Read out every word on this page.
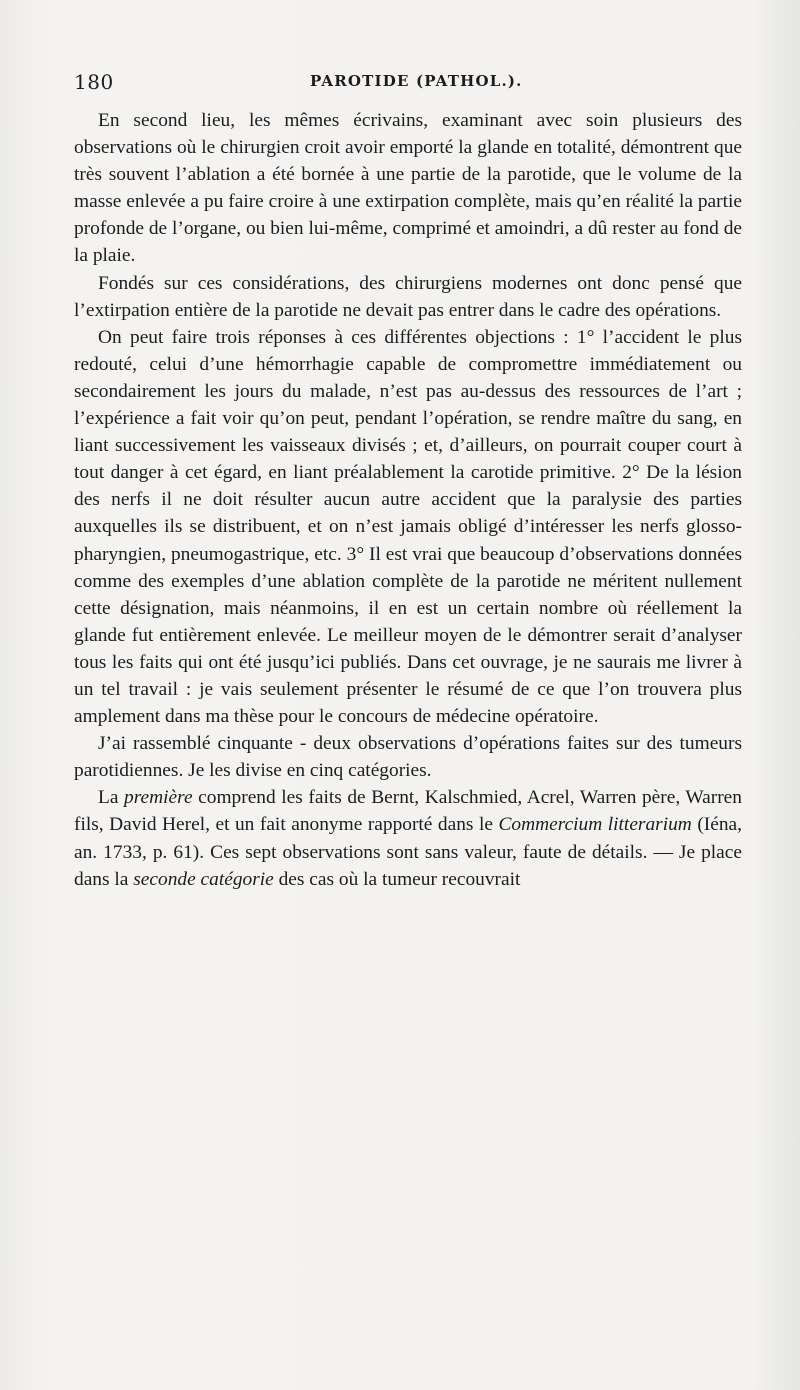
180	PAROTIDE (PATHOL.).

En second lieu, les mêmes écrivains, examinant avec soin plusieurs des observations où le chirurgien croit avoir emporté la glande en totalité, démontrent que très souvent l’ablation a été bornée à une partie de la parotide, que le volume de la masse enlevée a pu faire croire à une extirpation complète, mais qu’en réalité la partie profonde de l’organe, ou bien lui-même, comprimé et amoindri, a dû rester au fond de la plaie.

Fondés sur ces considérations, des chirurgiens modernes ont donc pensé que l’extirpation entière de la parotide ne devait pas entrer dans le cadre des opérations.

On peut faire trois réponses à ces différentes objections : 1° l’accident le plus redouté, celui d’une hémorrhagie capable de compromettre immédiatement ou secondairement les jours du malade, n’est pas au-dessus des ressources de l’art ; l’expérience a fait voir qu’on peut, pendant l’opération, se rendre maître du sang, en liant successivement les vaisseaux divisés ; et, d’ailleurs, on pourrait couper court à tout danger à cet égard, en liant préalablement la carotide primitive. 2° De la lésion des nerfs il ne doit résulter aucun autre accident que la paralysie des parties auxquelles ils se distribuent, et on n’est jamais obligé d’intéresser les nerfs glosso-pharyngien, pneumogastrique, etc. 3° Il est vrai que beaucoup d’observations données comme des exemples d’une ablation complète de la parotide ne méritent nullement cette désignation, mais néanmoins, il en est un certain nombre où réellement la glande fut entièrement enlevée. Le meilleur moyen de le démontrer serait d’analyser tous les faits qui ont été jusqu’ici publiés. Dans cet ouvrage, je ne saurais me livrer à un tel travail : je vais seulement présenter le résumé de ce que l’on trouvera plus amplement dans ma thèse pour le concours de médecine opératoire.

J’ai rassemblé cinquante - deux observations d’opérations faites sur des tumeurs parotidiennes. Je les divise en cinq catégories.

La première comprend les faits de Bernt, Kalschmied, Acrel, Warren père, Warren fils, David Herel, et un fait anonyme rapporté dans le Commercium litterarium (Iéna, an. 1733, p. 61). Ces sept observations sont sans valeur, faute de détails. — Je place dans la seconde catégorie des cas où la tumeur recouvrait
